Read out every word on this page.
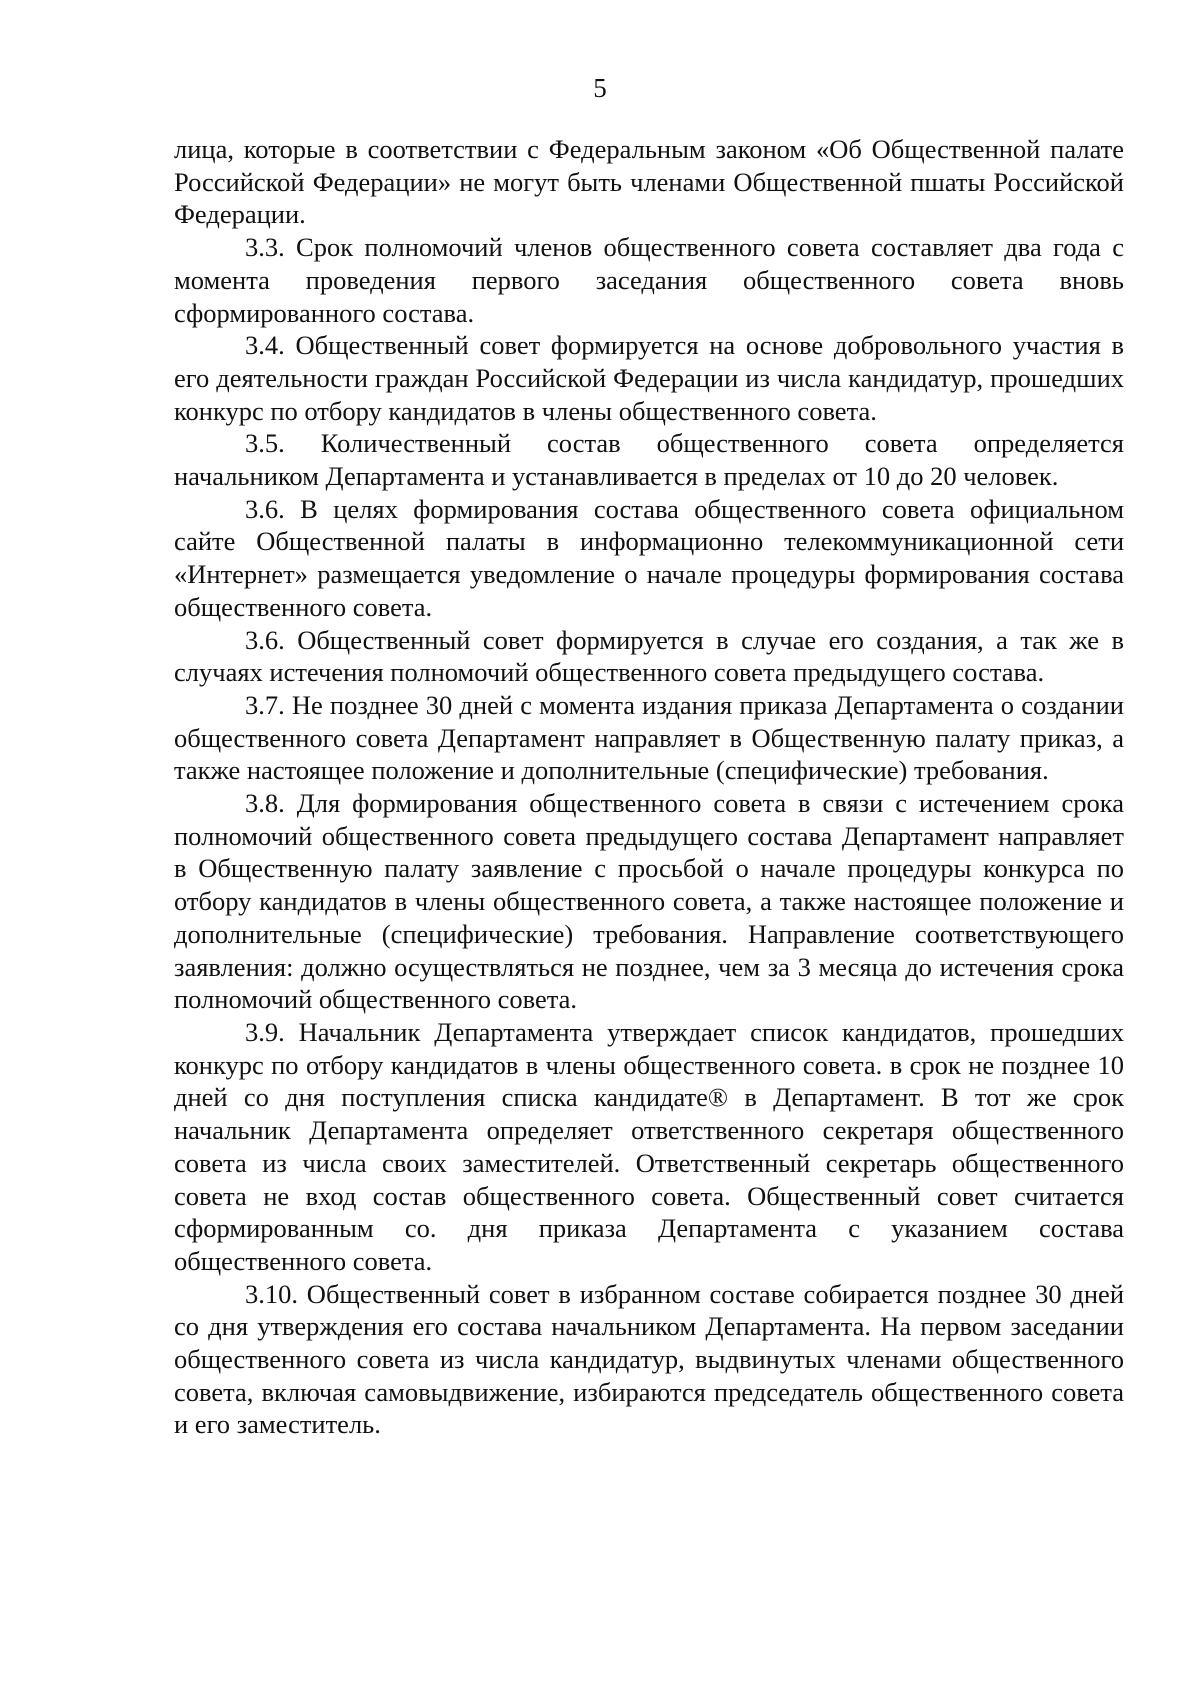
5

лица, которые в соответствии с Федеральным законом «Об Общественной палате Российской Федерации» не могут быть членами Общественной пшаты Российской Федерации.

3.3. Срок полномочий членов общественного совета составляет два года с момента проведения первого заседания общественного совета вновь сформированного состава.

3.4. Общественный совет формируется на основе добровольного участия в его деятельности граждан Российской Федерации из числа кандидатур, прошедших конкурс по отбору кандидатов в члены общественного совета.

3.5. Количественный состав общественного совета определяется начальником Департамента и устанавливается в пределах от 10 до 20 человек.

3.6. В целях формирования состава общественного совета официальном сайте Общественной палаты в информационно телекоммуникационной сети «Интернет» размещается уведомление о начале процедуры формирования состава общественного совета.

3.6. Общественный совет формируется в случае его создания, а так же в случаях истечения полномочий общественного совета предыдущего состава.

3.7. Не позднее 30 дней с момента издания приказа Департамента о создании общественного совета Департамент направляет в Общественную палату приказ, а также настоящее положение и дополнительные (специфические) требования.

3.8. Для формирования общественного совета в связи с истечением срока полномочий общественного совета предыдущего состава Департамент направляет в Общественную палату заявление с просьбой о начале процедуры конкурса по отбору кандидатов в члены общественного совета, а также настоящее положение и дополнительные (специфические) требования. Направление соответствующего заявления: должно осуществляться не позднее, чем за 3 месяца до истечения срока полномочий общественного совета.

3.9. Начальник Департамента утверждает список кандидатов, прошедших конкурс по отбору кандидатов в члены общественного совета. в срок не позднее 10 дней со дня поступления списка кандидате® в Департамент. В тот же срок начальник Департамента определяет ответственного секретаря общественного совета из числа своих заместителей. Ответственный секретарь общественного совета не вход состав общественного совета. Общественный совет считается сформированным со. дня приказа Департамента с указанием состава общественного совета.

3.10. Общественный совет в избранном составе собирается позднее 30 дней со дня утверждения его состава начальником Департамента. На первом заседании общественного совета из числа кандидатур, выдвинутых членами общественного совета, включая самовыдвижение, избираются председатель общественного совета и его заместитель.
